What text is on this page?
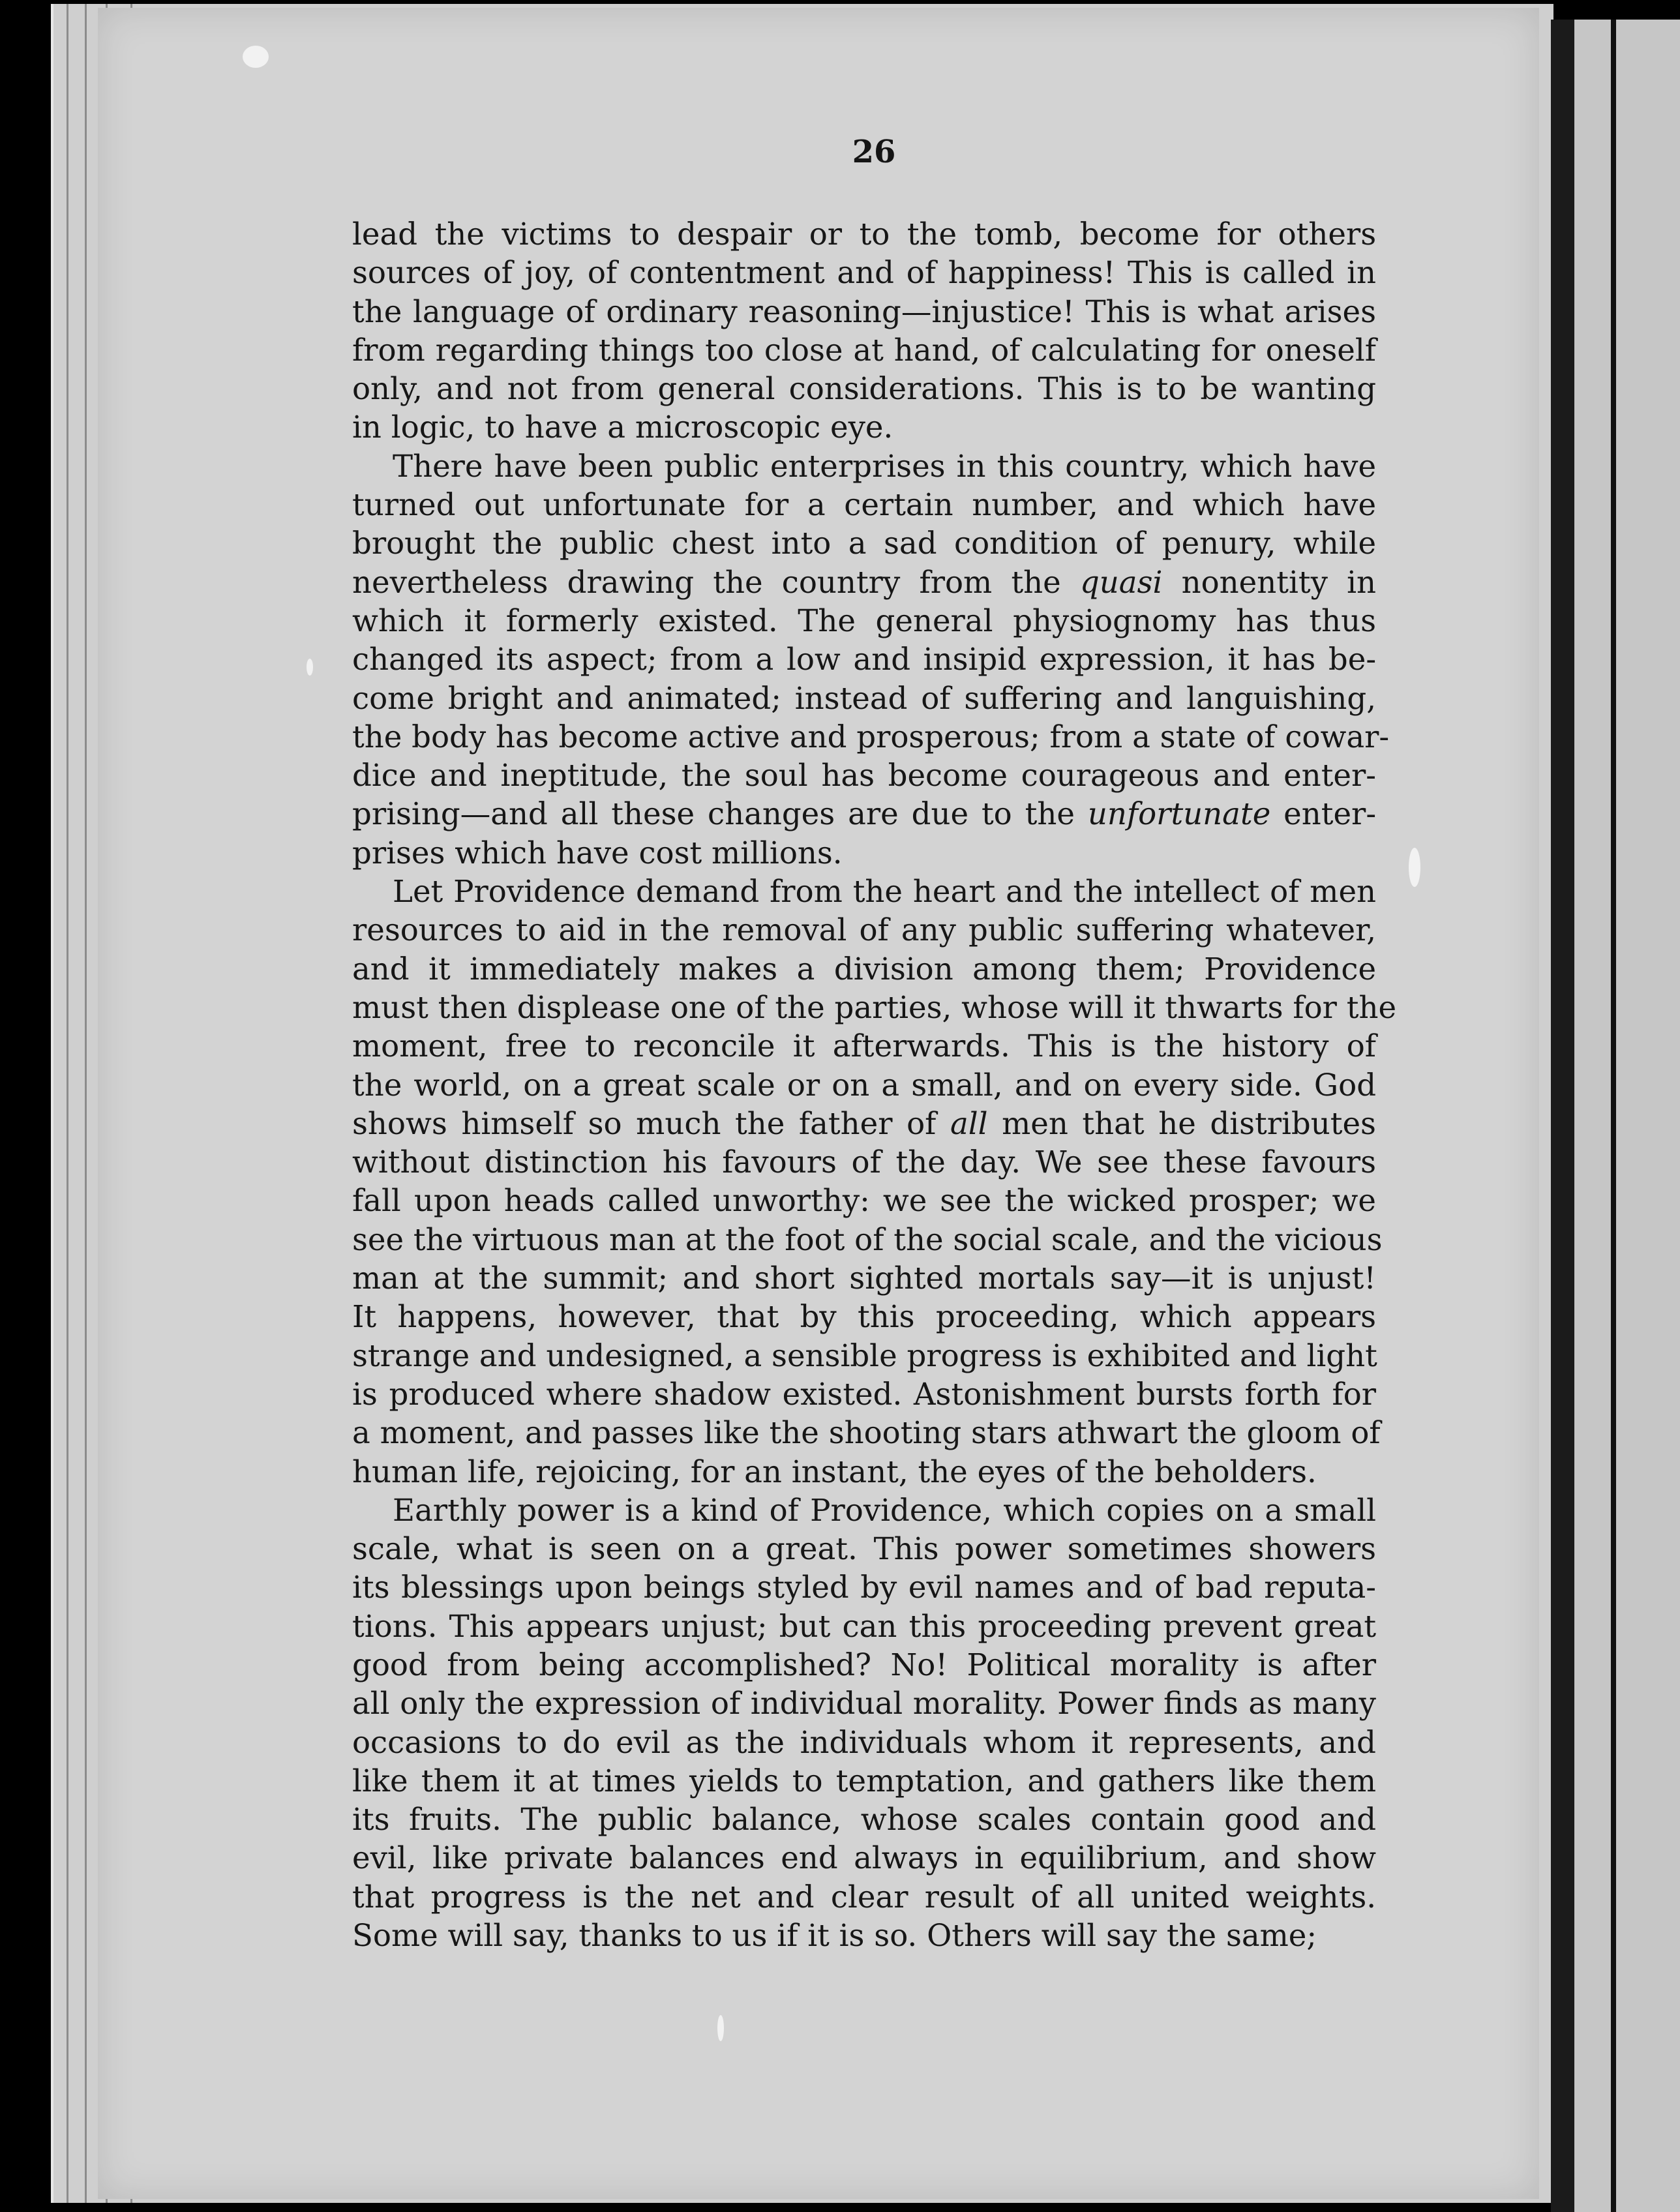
26
lead the victims to despair or to the tomb, become for others
sources of joy, of contentment and of happiness! This is called in
the language of ordinary reasoning—injustice! This is what arises
from regarding things too close at hand, of calculating for oneself
only, and not from general considerations. This is to be wanting
in logic, to have a microscopic eye.
There have been public enterprises in this country, which have
turned out unfortunate for a certain number, and which have
brought the public chest into a sad condition of penury, while
nevertheless drawing the country from the quasi nonentity in
which it formerly existed. The general physiognomy has thus
changed its aspect; from a low and insipid expression, it has be-
come bright and animated; instead of suffering and languishing,
the body has become active and prosperous; from a state of cowar-
dice and ineptitude, the soul has become courageous and enter-
prising—and all these changes are due to the unfortunate enter-
prises which have cost millions.
Let Providence demand from the heart and the intellect of men
resources to aid in the removal of any public suffering whatever,
and it immediately makes a division among them; Providence
must then displease one of the parties, whose will it thwarts for the
moment, free to reconcile it afterwards. This is the history of
the world, on a great scale or on a small, and on every side. God
shows himself so much the father of all men that he distributes
without distinction his favours of the day. We see these favours
fall upon heads called unworthy: we see the wicked prosper; we
see the virtuous man at the foot of the social scale, and the vicious
man at the summit; and short sighted mortals say—it is unjust!
It happens, however, that by this proceeding, which appears
strange and undesigned, a sensible progress is exhibited and light
is produced where shadow existed. Astonishment bursts forth for
a moment, and passes like the shooting stars athwart the gloom of
human life, rejoicing, for an instant, the eyes of the beholders.
Earthly power is a kind of Providence, which copies on a small
scale, what is seen on a great. This power sometimes showers
its blessings upon beings styled by evil names and of bad reputa-
tions. This appears unjust; but can this proceeding prevent great
good from being accomplished? No! Political morality is after
all only the expression of individual morality. Power finds as many
occasions to do evil as the individuals whom it represents, and
like them it at times yields to temptation, and gathers like them
its fruits. The public balance, whose scales contain good and
evil, like private balances end always in equilibrium, and show
that progress is the net and clear result of all united weights.
Some will say, thanks to us if it is so. Others will say the same;
